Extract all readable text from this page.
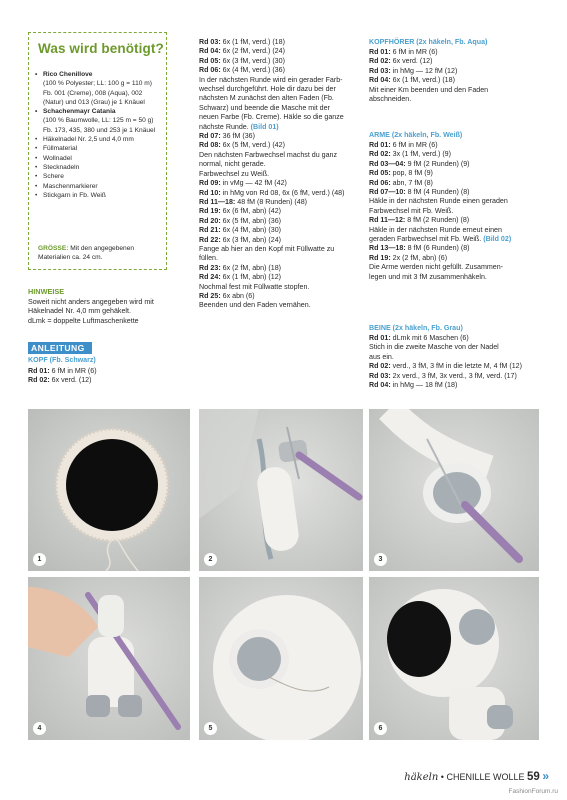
Was wird benötigt?
• Rico Chenillove
(100 % Polyester; LL: 100 g = 110 m)
Fb. 001 (Creme), 008 (Aqua), 002
(Natur) und 013 (Grau) je 1 Knäuel
• Schachenmayr Catania
(100 % Baumwolle, LL: 125 m = 50 g)
Fb. 173, 435, 380 und 253 je 1 Knäuel
• Häkelnadel Nr. 2,5 und 4,0 mm
• Füllmaterial
• Wollnadel
• Stecknadeln
• Schere
• Maschenmarkierer
• Stickgarn in Fb. Weiß
GRÖSSE: Mit den angegebenen
Materialien ca. 24 cm.
HINWEISE
Soweit nicht anders angegeben wird mit
Häkelnadel Nr. 4,0 mm gehäkelt.
dLmk = doppelte Luftmaschenkette
ANLEITUNG
KOPF (Fb. Schwarz)
Rd 01: 6 fM in MR (6)
Rd 02: 6x verd. (12)
Rd 03: 6x (1 fM, verd.) (18)
Rd 04: 6x (2 fM, verd.) (24)
Rd 05: 6x (3 fM, verd.) (30)
Rd 06: 6x (4 fM, verd.) (36)
In der nächsten Runde wird ein gerader Farb-
wechsel durchgeführt. Hole dir dazu bei der
nächsten M zunächst den alten Faden (Fb.
Schwarz) und beende die Masche mit der
neuen Farbe (Fb. Creme). Häkle so die ganze
nächste Runde. (Bild 01)
Rd 07: 36 fM (36)
Rd 08: 6x (5 fM, verd.) (42)
Den nächsten Farbwechsel machst du ganz
normal, nicht gerade.
Farbwechsel zu Weiß.
Rd 09: in vMg — 42 fM (42)
Rd 10: in hMg von Rd 08, 6x (6 fM, verd.) (48)
Rd 11—18: 48 fM (8 Runden) (48)
Rd 19: 6x (6 fM, abn) (42)
Rd 20: 6x (5 fM, abn) (36)
Rd 21: 6x (4 fM, abn) (30)
Rd 22: 6x (3 fM, abn) (24)
Fange ab hier an den Kopf mit Füllwatte zu
füllen.
Rd 23: 6x (2 fM, abn) (18)
Rd 24: 6x (1 fM, abn) (12)
Nochmal fest mit Füllwatte stopfen.
Rd 25: 6x abn (6)
Beenden und den Faden vernähen.
KOPFHÖRER (2x häkeln, Fb. Aqua)
Rd 01: 6 fM in MR (6)
Rd 02: 6x verd. (12)
Rd 03: in hMg — 12 fM (12)
Rd 04: 6x (1 fM, verd.) (18)
Mit einer Km beenden und den Faden
abschneiden.
ARME (2x häkeln, Fb. Weiß)
Rd 01: 6 fM in MR (6)
Rd 02: 3x (1 fM, verd.) (9)
Rd 03—04: 9 fM (2 Runden) (9)
Rd 05: pop, 8 fM (9)
Rd 06: abn, 7 fM (8)
Rd 07—10: 8 fM (4 Runden) (8)
Häkle in der nächsten Runde einen geraden
Farbwechsel mit Fb. Weiß.
Rd 11—12: 8 fM (2 Runden) (8)
Häkle in der nächsten Runde erneut einen
geraden Farbwechsel mit Fb. Weiß. (Bild 02)
Rd 13—18: 8 fM (6 Runden) (8)
Rd 19: 2x (2 fM, abn) (6)
Die Arme werden nicht gefüllt. Zusammen-
legen und mit 3 fM zusammenhäkeln.
BEINE (2x häkeln, Fb. Grau)
Rd 01: dLmk mit 6 Maschen (6)
Stich in die zweite Masche von der Nadel
aus ein.
Rd 02: verd., 3 fM, 3 fM in die letzte M, 4 fM (12)
Rd 03: 2x verd., 3 fM, 3x verd., 3 fM, verd. (17)
Rd 04: in hMg — 18 fM (18)
1	2	3
4	5	6
häkeln • CHENILLE WOLLE 59 »
FashionForum.ru
